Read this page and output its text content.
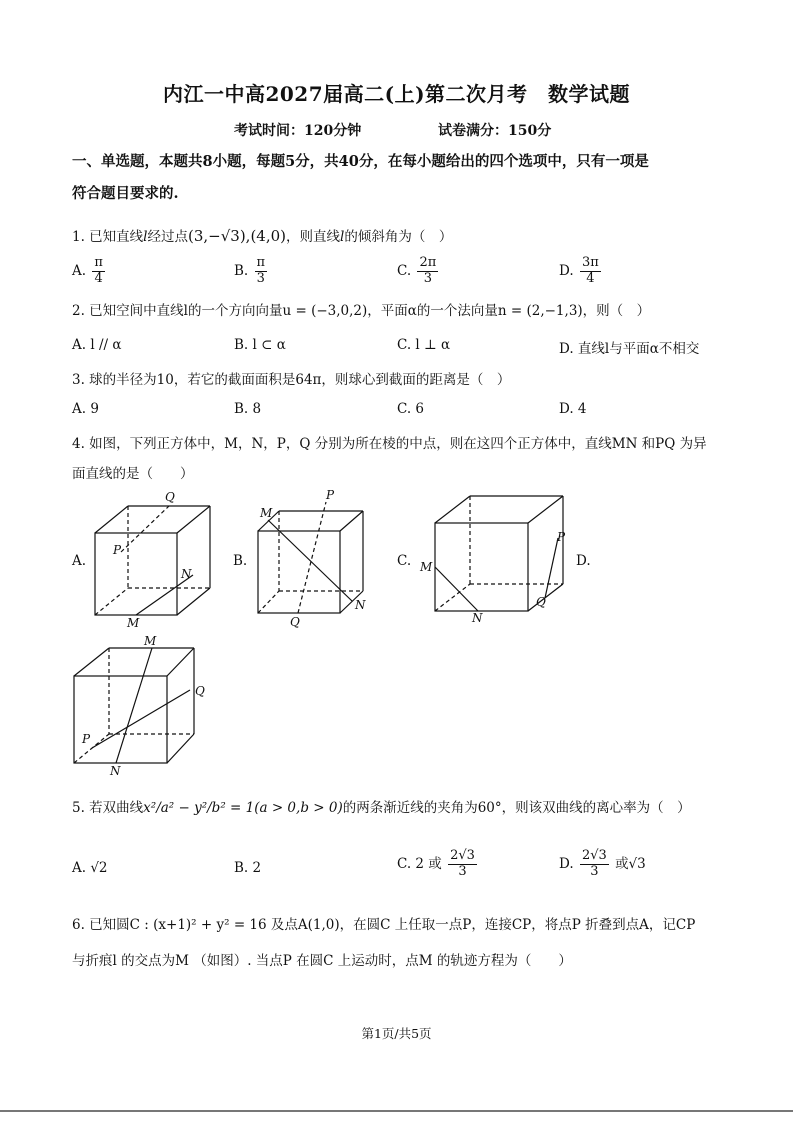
内江一中高2027届高二(上)第二次月考　数学试题
考试时间：120分钟	试卷满分：150分
一、单选题，本题共8小题，每题5分，共40分，在每小题给出的四个选项中，只有一项是
符合题目要求的.
1. 已知直线l经过点(3,−√3),(4,0)，则直线l的倾斜角为（　）
A. $\frac{\pi}{4}$	B. $\frac{\pi}{3}$	C. $\frac{2\pi}{3}$	D. $\frac{3\pi}{4}$
2. 已知空间中直线l的一个方向向量u = (−3,0,2)，平面α的一个法向量n = (2,−1,3)，则（　）
A. l // α	B. l ⊂ α	C. l ⊥ α	D. 直线l与平面α不相交
3. 球的半径为10，若它的截面面积是64π，则球心到截面的距离是（　）
A. 9	B. 8	C. 6	D. 4
4. 如图，下列正方体中，M，N，P，Q 分别为所在棱的中点，则在这四个正方体中，直线MN 和PQ 为异
面直线的是（　　）
A.	B.	C.	D.
Q
P
N
M
P
M
N
Q
M
P
Q
N
M
Q
P
N
5. 若双曲线x²/a² − y²/b² = 1(a > 0,b > 0)的两条渐近线的夹角为60°，则该双曲线的离心率为（　）
A. √2	B. 2	C. 2 或 $\frac{2√3}{3}$	D. $\frac{2√3}{3}$ 或√3
6. 已知圆C : (x+1)² + y² = 16 及点A(1,0)，在圆C 上任取一点P，连接CP，将点P 折叠到点A，记CP
与折痕l 的交点为M （如图）. 当点P 在圆C 上运动时，点M 的轨迹方程为（　　）
第1页/共5页
